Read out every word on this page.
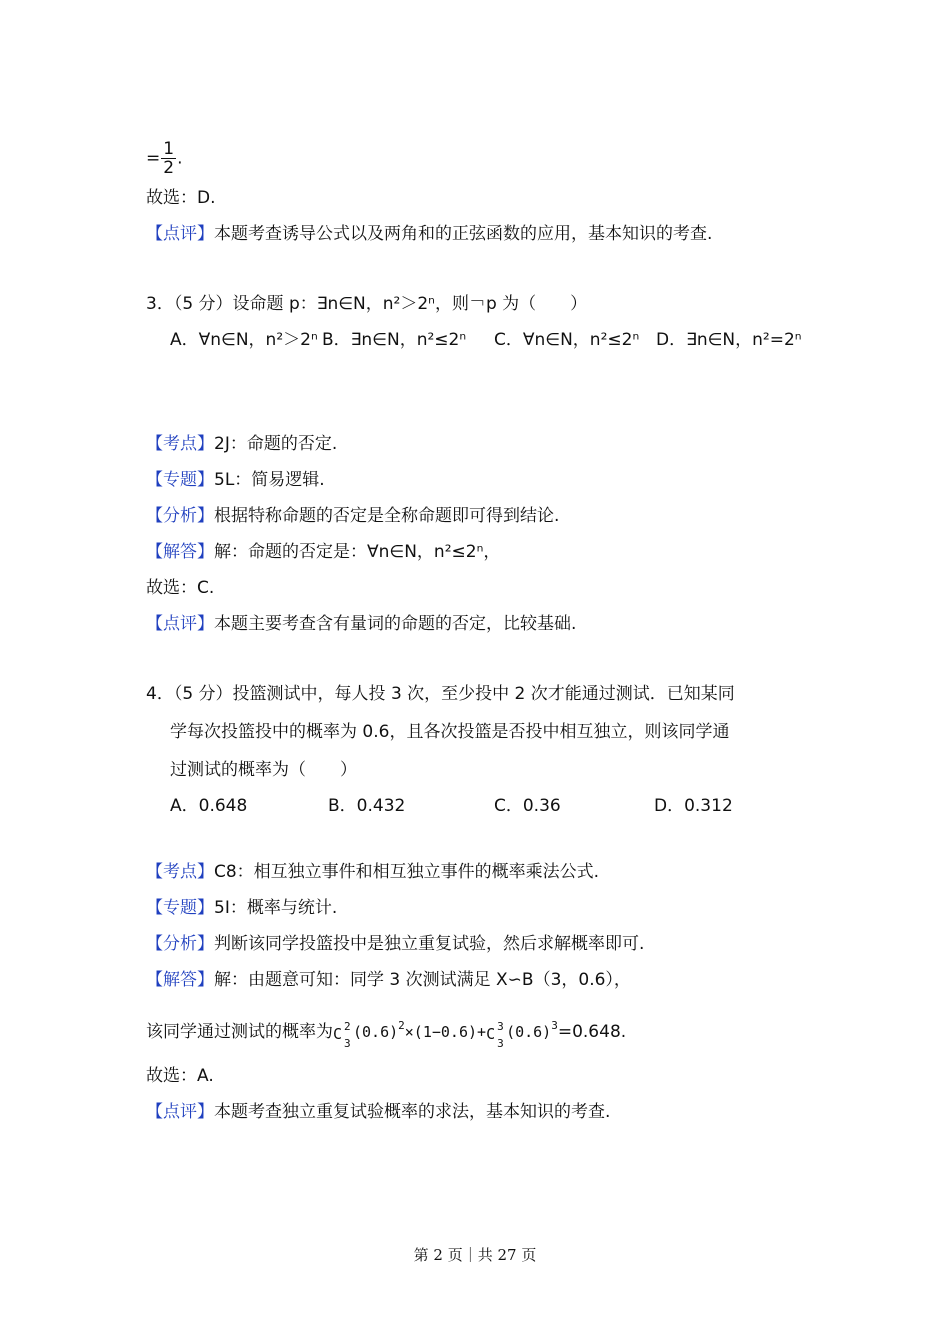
= $\frac{1}{2}$ .
故选：D.
【点评】本题考查诱导公式以及两角和的正弦函数的应用，基本知识的考查.
3．（5 分）设命题 p：∃n∈N，n²＞2ⁿ，则￢p 为（　　）
A．∀n∈N，n²＞2ⁿ B．∃n∈N，n²≤2ⁿ C．∀n∈N，n²≤2ⁿ D．∃n∈N，n²=2ⁿ
【考点】2J：命题的否定.
【专题】5L：简易逻辑.
【分析】根据特称命题的否定是全称命题即可得到结论.
【解答】解：命题的否定是：∀n∈N，n²≤2ⁿ，
故选：C.
【点评】本题主要考查含有量词的命题的否定，比较基础.
4．（5 分）投篮测试中，每人投 3 次，至少投中 2 次才能通过测试．已知某同
学每次投篮投中的概率为 0.6，且各次投篮是否投中相互独立，则该同学通
过测试的概率为（　　）
A．0.648	B．0.432	C．0.36	D．0.312
【考点】C8：相互独立事件和相互独立事件的概率乘法公式.
【专题】5I：概率与统计.
【分析】判断该同学投篮投中是独立重复试验，然后求解概率即可.
【解答】解：由题意可知：同学 3 次测试满足 X∽B（3，0.6），
该同学通过测试的概率为 C 2
3
$(0.6)^2\times(1-0.6)+ C$ 3
3
$(0.6)^3=0.648$.
故选：A.
【点评】本题考查独立重复试验概率的求法，基本知识的考查.
第 2 页｜共 27 页
